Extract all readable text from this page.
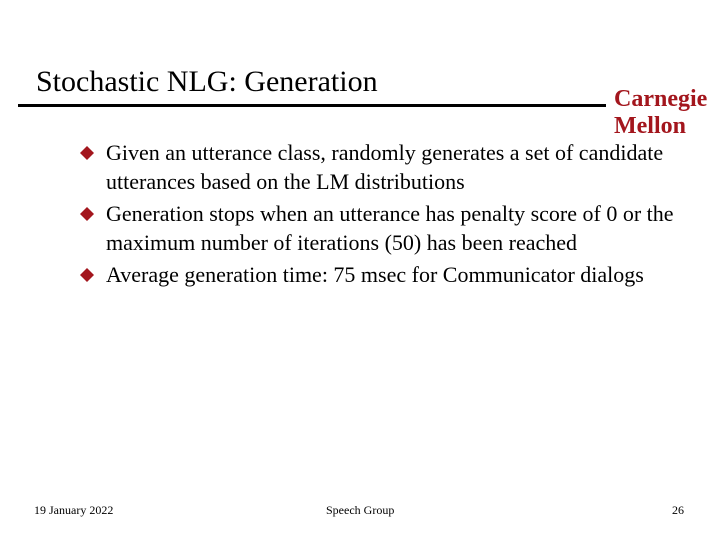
Stochastic NLG: Generation
Carnegie
Mellon
Given an utterance class, randomly generates a set of candidate utterances based on the LM distributions
Generation stops when an utterance has penalty score of 0 or the maximum number of iterations (50) has been reached
Average generation time: 75 msec for Communicator dialogs
19 January 2022	Speech Group	26
